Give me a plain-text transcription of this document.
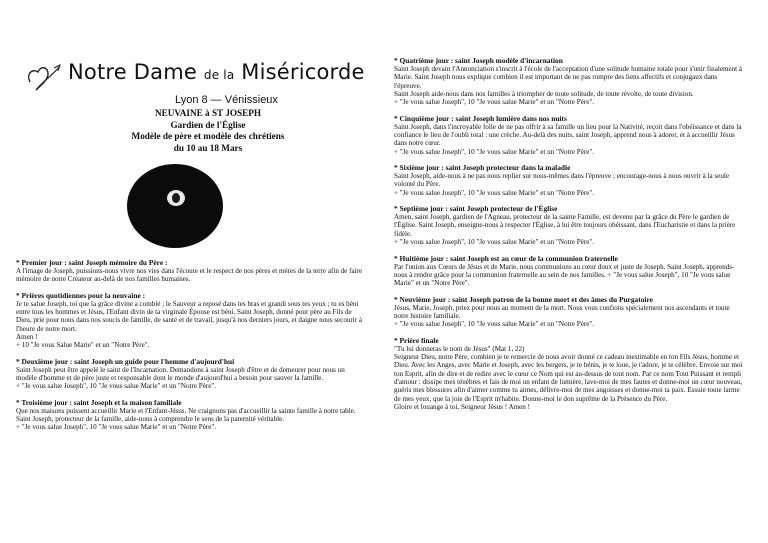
Notre Dame de la Miséricorde
Lyon 8 — Vénissieux
NEUVAINE à ST JOSEPH
Gardien de l'Église
Modèle de père et modèle des chrétiens
du 10 au 18 Mars
* Premier jour : saint Joseph mémoire du Père :

A l'image de Joseph, puissions-nous vivre nos vies dans l'écoute et le respect de nos pères et mères de la terre afin de faire mémoire de notre Créateur au-delà de nos familles humaines.

* Prières quotidiennes pour la neuvaine :

Je te salue Joseph, toi que la grâce divine a comblé ; le Sauveur a reposé dans tes bras et grandi sous tes yeux ; tu es béni entre tous les hommes et Jésus, l'Enfant divin de ta virginale Épouse est béni. Saint Joseph, donné pour père au Fils de Dieu, prie pour nous dans nos soucis de famille, de santé et de travail, jusqu'à nos derniers jours, et daigne nous secourir à l'heure de notre mort.

Amen !

+ 10 "Je vous Salue Marie" et un "Notre Père".

* Deuxième jour : saint Joseph un guide pour l'homme d'aujourd'hui

Saint Joseph peut être appelé le saint de l'Incarnation. Demandons à saint Joseph d'être et de demeurer pour nous un modèle d'homme et de père juste et responsable dont le monde d'aujourd'hui a besoin pour sauver la famille.

+ "Je vous salue Joseph", 10 "Je vous salue Marie" et un "Notre Père".

* Troisième jour : saint Joseph et la maison familiale

Que nos maisons puissent accueillir Marie et l'Enfant-Jésus. Ne craignons pas d'accueillir la sainte famille à notre table.

Saint Joseph, protecteur de la famille, aide-nous à comprendre le sens de la paternité véritable.

+ "Je vous salue Joseph", 10 "Je vous salue Marie" et un "Notre Père".

* Quatrième jour : saint Joseph modèle d'incarnation

Saint Joseph devant l'Annonciation s'inscrit à l'école de l'acceptation d'une solitude humaine totale pour s'unir finalement à Marie. Saint Joseph nous explique combien il est important de ne pas rompre des liens affectifs et conjugaux dans l'épreuve.

Saint Joseph aide-nous dans nos familles à triompher de toute solitude, de toute révolte, de toute division.

+ "Je vous salue Joseph", 10 "Je vous salue Marie" et un "Notre Père".

* Cinquième jour : saint Joseph lumière dans nos nuits

Saint Joseph, dans l'incroyable folle de ne pas offrir à sa famille un lieu pour la Nativité, reçoit dans l'obéissance et dans la confiance le lieu de l'oubli total : une crèche. Au-delà des nuits, saint Joseph, apprend nous à adorer, et à accueillir Jésus dans notre cœur.

+ "Je vous salue Joseph", 10 "Je vous salue Marie" et un "Notre Père".

* Sixième jour : saint Joseph protecteur dans la maladie

Saint Joseph, aide-nous à ne pas nous replier sur nous-mêmes dans l'épreuve ; encourage-nous à nous ouvrir à la seule volonté du Père.

+ "Je vous salue Joseph", 10 "Je vous salue Marie" et un "Notre Père".

* Septième jour : saint Joseph protecteur de l'Église

Amen, saint Joseph, gardien de l'Agneau, protecteur de la sainte Famille, est devenu par la grâce du Père le gardien de l'Église. Saint Joseph, enseigne-nous à respecter l'Église, à lui être toujours obéissant, dans l'Eucharistie et dans la prière fidèle.

+ "Je vous salue Joseph", 10 "Je vous salue Marie" et un "Notre Père".

* Huitième jour : saint Joseph est au cœur de la communion fraternelle

Par l'union aux Cœurs de Jésus et de Marie, nous communions au cœur doux et juste de Joseph. Saint Joseph, apprends-nous à rendre grâce pour la communion fraternelle au sein de nos familles. + "Je vous salue Joseph", 10 "Je vous salue Marie" et un "Notre Père".

* Neuvième jour : saint Joseph patron de la bonne mort et des âmes du Purgatoire

Jésus, Marie, Joseph, priez pour nous au moment de la mort. Nous vous confions spécialement nos ascendants et toute notre histoire familiale.

+ "Je vous salue Joseph", 10 "Je vous salue Marie" et un "Notre Père".

* Prière finale

"Tu lui donneras le nom de Jésus" (Mat 1, 22)

Seigneur Dieu, notre Père, combien je te remercie de nous avoir donné ce cadeau inestimable en ton Fils Jésus, homme et Dieu. Avec les Anges, avec Marie et Joseph, avec les bergers, je te bénis, je te loue, je t'adore, je te célèbre. Envoie sur moi ton Esprit, afin de dire et de redire avec le cœur ce Nom qui est au-dessus de tout nom. Par ce nom Tout Puissant et rempli d'amour : dissipe mes ténèbres et fais de moi un enfant de lumière, lave-moi de mes fautes et donne-moi un cœur nouveau, guéris mes blessures afin d'aimer comme tu aimes, délivre-moi de mes angoisses et donne-moi ta paix. Essuie toute larme de mes yeux, que la joie de l'Esprit m'habite. Donne-moi le don suprême de la Présence du Père.

Gloire et louange à toi, Seigneur Jésus ! Amen !
